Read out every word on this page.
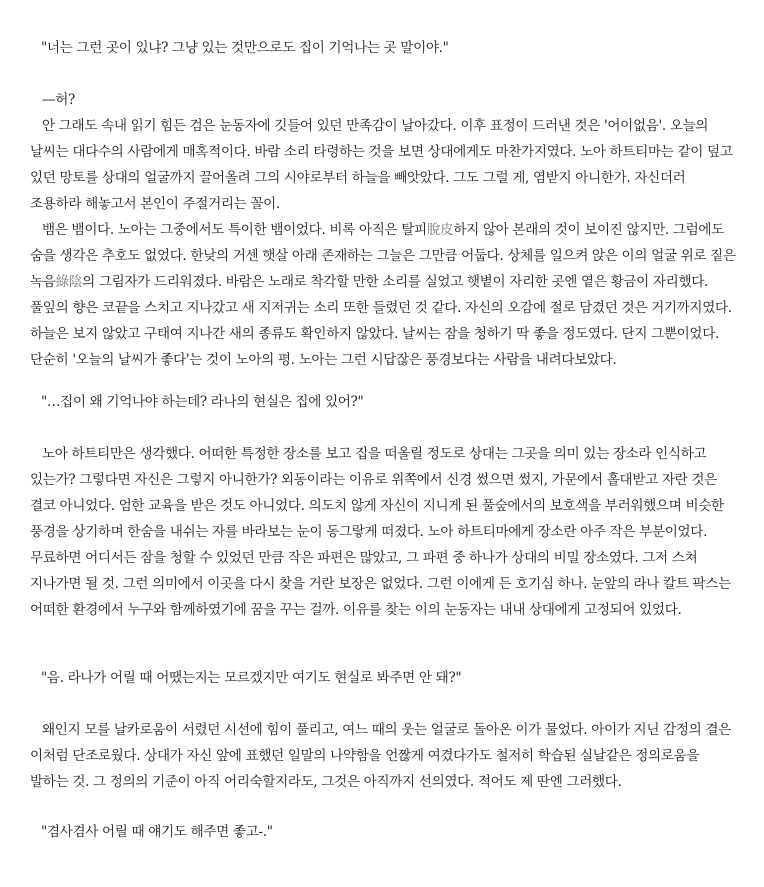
"너는 그런 곳이 있냐? 그냥 있는 것만으로도 집이 기억나는 곳 말이야."

—허?

안 그래도 속내 읽기 힘든 검은 눈동자에 깃들어 있던 만족감이 날아갔다. 이후 표정이 드러낸 것은 '어이없음'. 오늘의 날씨는 대다수의 사람에게 매혹적이다. 바람 소리 타령하는 것을 보면 상대에게도 마찬가지였다. 노아 하트티마는 같이 덮고 있던 망토를 상대의 얼굴까지 끌어올려 그의 시야로부터 하늘을 빼앗았다. 그도 그럴 게, 염받지 아니한가. 자신더러 조용하라 해놓고서 본인이 주절거리는 꼴이.

뱀은 뱀이다. 노아는 그중에서도 특이한 뱀이었다. 비록 아직은 탈피脫皮하지 않아 본래의 것이 보이진 않지만. 그럼에도 숨을 생각은 추호도 없었다. 한낮의 거센 햇살 아래 존재하는 그늘은 그만큼 어둡다. 상체를 일으켜 앉은 이의 얼굴 위로 짙은 녹음綠陰의 그림자가 드리워졌다. 바람은 노래로 착각할 만한 소리를 실었고 햇볕이 자리한 곳엔 옅은 황금이 자리했다. 풀잎의 향은 코끝을 스치고 지나갔고 새 지저귀는 소리 또한 들렸던 것 같다. 자신의 오감에 절로 담겼던 것은 거기까지였다. 하늘은 보지 않았고 구태여 지나간 새의 종류도 확인하지 않았다. 날씨는 잠을 청하기 딱 좋을 정도였다. 단지 그뿐이었다. 단순히 '오늘의 날씨가 좋다'는 것이 노아의 평. 노아는 그런 시답잖은 풍경보다는 사람을 내려다보았다.

"…집이 왜 기억나야 하는데? 라나의 현실은 집에 있어?"

노아 하트티만은 생각했다. 어떠한 특정한 장소를 보고 집을 떠올릴 정도로 상대는 그곳을 의미 있는 장소라 인식하고 있는가? 그렇다면 자신은 그렇지 아니한가? 외동이라는 이유로 위쪽에서 신경 썼으면 썼지, 가문에서 홀대받고 자란 것은 결코 아니었다. 엄한 교육을 받은 것도 아니었다. 의도치 않게 자신이 지니게 된 풀숲에서의 보호색을 부러워했으며 비슷한 풍경을 상기하며 한숨을 내쉬는 자를 바라보는 눈이 동그랗게 떠졌다. 노아 하트티마에게 장소란 아주 작은 부분이었다. 무료하면 어디서든 잠을 청할 수 있었던 만큼 작은 파편은 많았고, 그 파편 중 하나가 상대의 비밀 장소였다. 그저 스쳐 지나가면 될 것. 그런 의미에서 이곳을 다시 찾을 거란 보장은 없었다. 그런 이에게 든 호기심 하나. 눈앞의 라나 칼트 팍스는 어떠한 환경에서 누구와 함께하였기에 꿈을 꾸는 걸까. 이유를 찾는 이의 눈동자는 내내 상대에게 고정되어 있었다.

"음. 라나가 어릴 때 어땠는지는 모르겠지만 여기도 현실로 봐주면 안 돼?"

왜인지 모를 날카로움이 서렸던 시선에 힘이 풀리고, 여느 때의 웃는 얼굴로 돌아온 이가 물었다. 아이가 지닌 감정의 결은 이처럼 단조로웠다. 상대가 자신 앞에 표했던 일말의 나약함을 언짢게 여겼다가도 철저히 학습된 실날같은 정의로움을 발하는 것. 그 정의의 기준이 아직 어리숙할지라도, 그것은 아직까지 선의였다. 적어도 제 딴엔 그러했다.

"겸사겸사 어릴 때 얘기도 해주면 좋고-."
